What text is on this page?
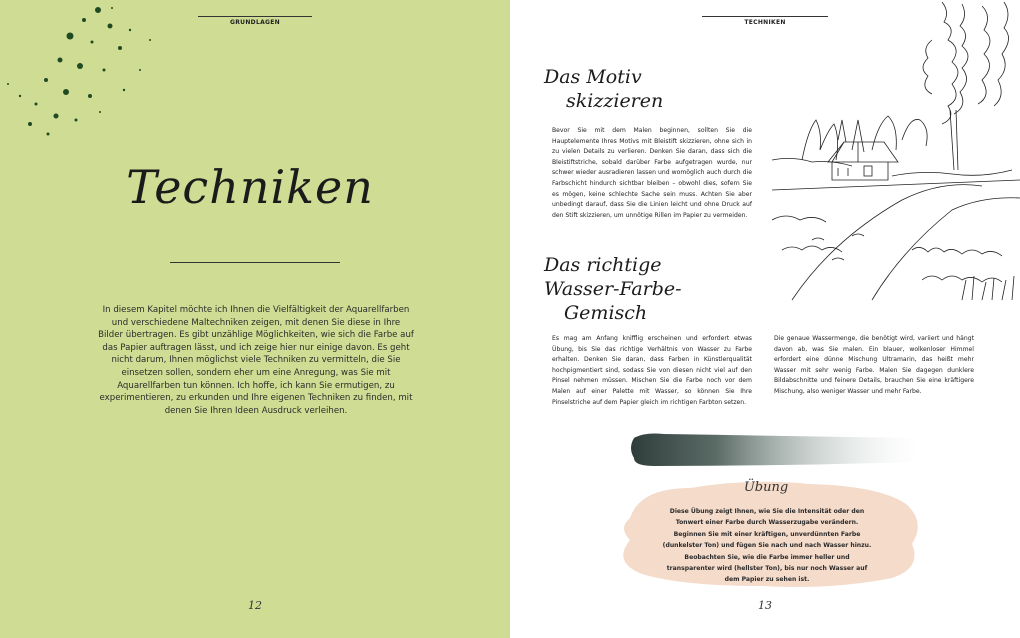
GRUNDLAGEN
Techniken
In diesem Kapitel möchte ich Ihnen die Vielfältigkeit der Aquarellfarben und verschiedene Maltechniken zeigen, mit denen Sie diese in Ihre Bilder übertragen. Es gibt unzählige Möglichkeiten, wie sich die Farbe auf das Papier auftragen lässt, und ich zeige hier nur einige davon. Es geht nicht darum, Ihnen möglichst viele Techniken zu vermitteln, die Sie einsetzen sollen, sondern eher um eine Anregung, was Sie mit Aquarellfarben tun können. Ich hoffe, ich kann Sie ermutigen, zu experimentieren, zu erkunden und Ihre eigenen Techniken zu finden, mit denen Sie Ihren Ideen Ausdruck verleihen.
12
TECHNIKEN
Das Motiv
skizzieren
Bevor Sie mit dem Malen beginnen, sollten Sie die Hauptelemente Ihres Motivs mit Bleistift skizzieren, ohne sich in zu vielen Details zu verlieren. Denken Sie daran, dass sich die Bleistiftstriche, sobald darüber Farbe aufgetragen wurde, nur schwer wieder ausradieren lassen und womöglich auch durch die Farbschicht hindurch sichtbar bleiben – obwohl dies, sofern Sie es mögen, keine schlechte Sache sein muss. Achten Sie aber unbedingt darauf, dass Sie die Linien leicht und ohne Druck auf den Stift skizzieren, um unnötige Rillen im Papier zu vermeiden.
Das richtige
Wasser-Farbe-
Gemisch
Es mag am Anfang knifflig erscheinen und erfordert etwas Übung, bis Sie das richtige Verhältnis von Wasser zu Farbe erhalten. Denken Sie daran, dass Farben in Künstlerqualität hochpigmentiert sind, sodass Sie von diesen nicht viel auf den Pinsel nehmen müssen. Mischen Sie die Farbe noch vor dem Malen auf einer Palette mit Wasser, so können Sie Ihre Pinselstriche auf dem Papier gleich im richtigen Farbton setzen.
Die genaue Wassermenge, die benötigt wird, variiert und hängt davon ab, was Sie malen. Ein blauer, wolkenloser Himmel erfordert eine dünne Mischung Ultramarin, das heißt mehr Wasser mit sehr wenig Farbe. Malen Sie dagegen dunklere Bildabschnitte und feinere Details, brauchen Sie eine kräftigere Mischung, also weniger Wasser und mehr Farbe.
Übung
Diese Übung zeigt Ihnen, wie Sie die Intensität oder den Tonwert einer Farbe durch Wasserzugabe verändern. Beginnen Sie mit einer kräftigen, unverdünnten Farbe (dunkelster Ton) und fügen Sie nach und nach Wasser hinzu. Beobachten Sie, wie die Farbe immer heller und transparenter wird (hellster Ton), bis nur noch Wasser auf dem Papier zu sehen ist.
13
